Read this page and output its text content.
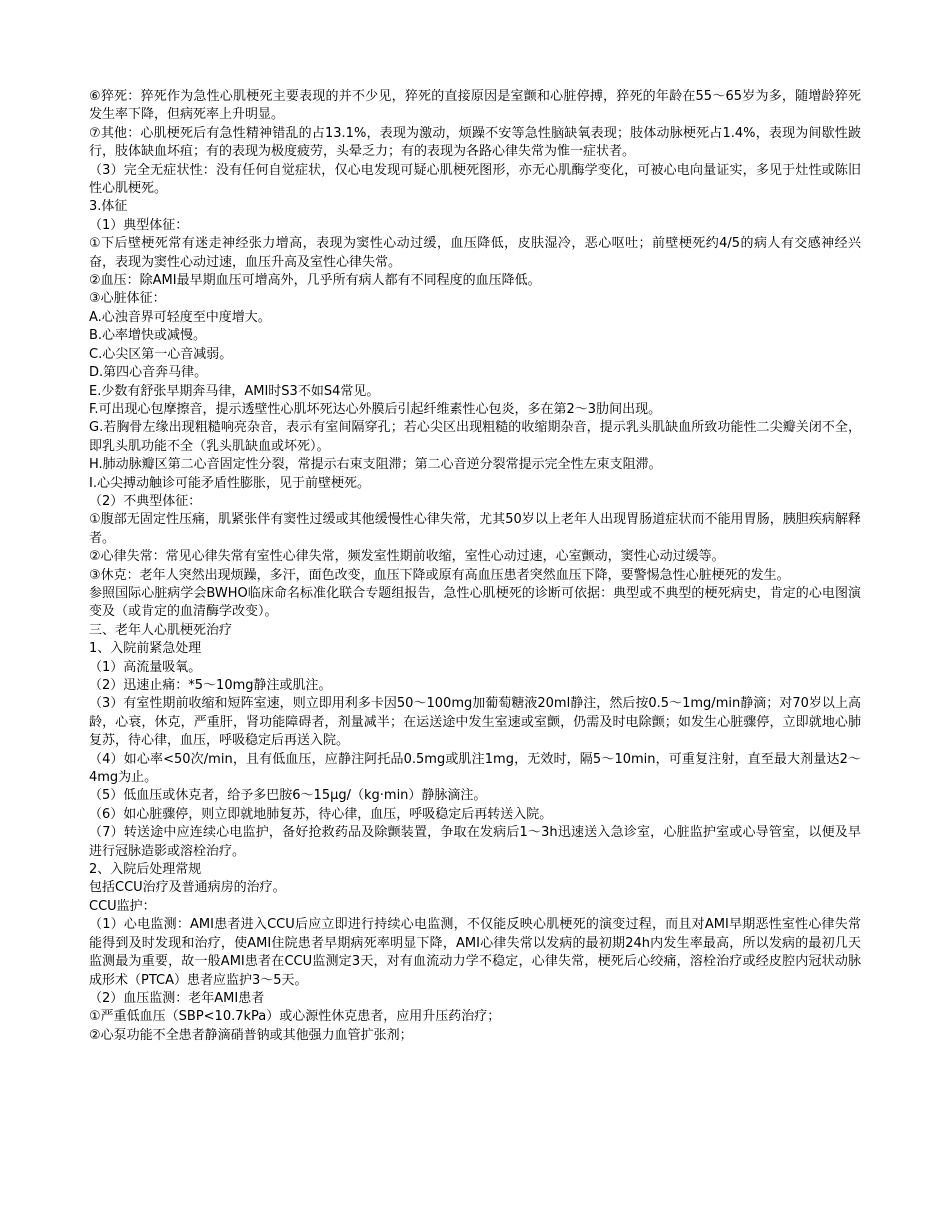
⑥猝死：猝死作为急性心肌梗死主要表现的并不少见，猝死的直接原因是室颤和心脏停搏，猝死的年龄在55～65岁为多，随增龄猝死发生率下降，但病死率上升明显。

⑦其他：心肌梗死后有急性精神错乱的占13.1%，表现为激动，烦躁不安等急性脑缺氧表现；肢体动脉梗死占1.4%，表现为间歇性跛行，肢体缺血坏疽；有的表现为极度疲劳，头晕乏力；有的表现为各路心律失常为惟一症状者。

（3）完全无症状性：没有任何自觉症状，仅心电发现可疑心肌梗死图形，亦无心肌酶学变化，可被心电向量证实，多见于灶性或陈旧性心肌梗死。

3.体征

（1）典型体征：

①下后壁梗死常有迷走神经张力增高，表现为窦性心动过缓，血压降低，皮肤湿冷，恶心呕吐；前壁梗死约4/5的病人有交感神经兴奋，表现为窦性心动过速，血压升高及室性心律失常。

②血压：除AMI最早期血压可增高外，几乎所有病人都有不同程度的血压降低。

③心脏体征：

A.心浊音界可轻度至中度增大。

B.心率增快或减慢。

C.心尖区第一心音减弱。

D.第四心音奔马律。

E.少数有舒张早期奔马律，AMI时S3不如S4常见。

F.可出现心包摩擦音，提示透壁性心肌坏死达心外膜后引起纤维素性心包炎，多在第2～3肋间出现。

G.若胸骨左缘出现粗糙响亮杂音，表示有室间隔穿孔；若心尖区出现粗糙的收缩期杂音，提示乳头肌缺血所致功能性二尖瓣关闭不全，即乳头肌功能不全（乳头肌缺血或坏死）。

H.肺动脉瓣区第二心音固定性分裂，常提示右束支阻滞；第二心音逆分裂常提示完全性左束支阻滞。

I.心尖搏动触诊可能矛盾性膨胀，见于前壁梗死。

（2）不典型体征：

①腹部无固定性压痛，肌紧张伴有窦性过缓或其他缓慢性心律失常，尤其50岁以上老年人出现胃肠道症状而不能用胃肠，胰胆疾病解释者。

②心律失常：常见心律失常有室性心律失常，频发室性期前收缩，室性心动过速，心室颤动，窦性心动过缓等。

③休克：老年人突然出现烦躁，多汗，面色改变，血压下降或原有高血压患者突然血压下降，要警惕急性心脏梗死的发生。

参照国际心脏病学会BWHO临床命名标准化联合专题组报告，急性心肌梗死的诊断可依据：典型或不典型的梗死病史，肯定的心电图演变及（或肯定的血清酶学改变）。

三、老年人心肌梗死治疗

1、入院前紧急处理

（1）高流量吸氧。

（2）迅速止痛：*5～10mg静注或肌注。

（3）有室性期前收缩和短阵室速，则立即用利多卡因50～100mg加葡萄糖液20ml静注，然后按0.5～1mg/min静滴；对70岁以上高龄，心衰，休克，严重肝，肾功能障碍者，剂量减半；在运送途中发生室速或室颤，仍需及时电除颤；如发生心脏骤停，立即就地心肺复苏，待心律，血压，呼吸稳定后再送入院。

（4）如心率<50次/min，且有低血压，应静注阿托品0.5mg或肌注1mg，无效时，隔5～10min，可重复注射，直至最大剂量达2～4mg为止。

（5）低血压或休克者，给予多巴胺6～15μg/（kg·min）静脉滴注。

（6）如心脏骤停，则立即就地肺复苏，待心律，血压，呼吸稳定后再转送入院。

（7）转送途中应连续心电监护，备好抢救药品及除颤装置，争取在发病后1～3h迅速送入急诊室，心脏监护室或心导管室，以便及早进行冠脉造影或溶栓治疗。

2、入院后处理常规

包括CCU治疗及普通病房的治疗。

CCU监护：

（1）心电监测：AMI患者进入CCU后应立即进行持续心电监测，不仅能反映心肌梗死的演变过程，而且对AMI早期恶性室性心律失常能得到及时发现和治疗，使AMI住院患者早期病死率明显下降，AMI心律失常以发病的最初期24h内发生率最高，所以发病的最初几天监测最为重要，故一般AMI患者在CCU监测定3天，对有血流动力学不稳定，心律失常，梗死后心绞痛，溶栓治疗或经皮腔内冠状动脉成形术（PTCA）患者应监护3～5天。

（2）血压监测：老年AMI患者

①严重低血压（SBP<10.7kPa）或心源性休克患者，应用升压药治疗；

②心泵功能不全患者静滴硝普钠或其他强力血管扩张剂；
